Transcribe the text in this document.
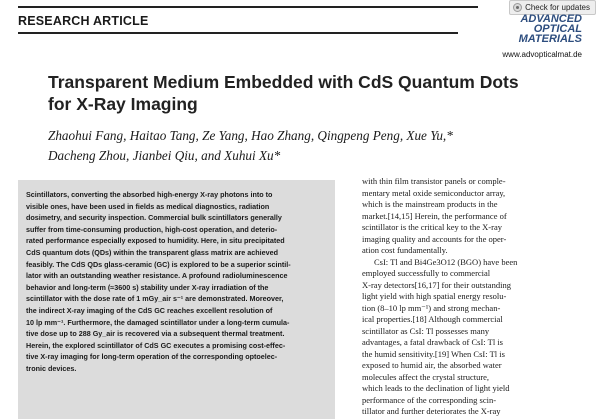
RESEARCH ARTICLE
Check for updates
ADVANCED OPTICAL MATERIALS
www.advopticalmat.de
Transparent Medium Embedded with CdS Quantum Dots
for X-Ray Imaging
Zhaohui Fang, Haitao Tang, Ze Yang, Hao Zhang, Qingpeng Peng, Xue Yu,*
Dacheng Zhou, Jianbei Qiu, and Xuhui Xu*
Scintillators, converting the absorbed high-energy X-ray photons into to
visible ones, have been used in fields as medical diagnostics, radiation
dosimetry, and security inspection. Commercial bulk scintillators generally
suffer from time-consuming production, high-cost operation, and deterio-
rated performance especially exposed to humidity. Here, in situ precipitated
CdS quantum dots (QDs) within the transparent glass matrix are achieved
feasibly. The CdS QDs glass-ceramic (GC) is explored to be a superior scintil-
lator with an outstanding weather resistance. A profound radioluminescence
behavior and long-term (≈3600 s) stability under X-ray irradiation of the
scintillator with the dose rate of 1 mGy_air s⁻¹ are demonstrated. Moreover,
the indirect X-ray imaging of the CdS GC reaches excellent resolution of
10 lp mm⁻¹. Furthermore, the damaged scintillator under a long-term cumula-
tive dose up to 288 Gy_air is recovered via a subsequent thermal treatment.
Herein, the explored scintillator of CdS GC executes a promising cost-effec-
tive X-ray imaging for long-term operation of the corresponding optoelec-
tronic devices.
with thin film transistor panels or comple-
mentary metal oxide semiconductor array,
which is the mainstream products in the
market.[14,15] Herein, the performance of
scintillator is the critical key to the X-ray
imaging quality and accounts for the oper-
ation cost fundamentally.
CsI: Tl and Bi4Ge3O12 (BGO) have been
employed successfully to commercial
X-ray detectors[16,17] for their outstanding
light yield with high spatial energy resolu-
tion (8–10 lp mm⁻¹) and strong mechan-
ical properties.[18] Although commercial
scintillator as CsI: Tl possesses many
advantages, a fatal drawback of CsI: Tl is
the humid sensitivity.[19] When CsI: Tl is
exposed to humid air, the absorbed water
molecules affect the crystal structure,
which leads to the declination of light yield
performance of the corresponding scin-
tillator and further deteriorates the X-ray
